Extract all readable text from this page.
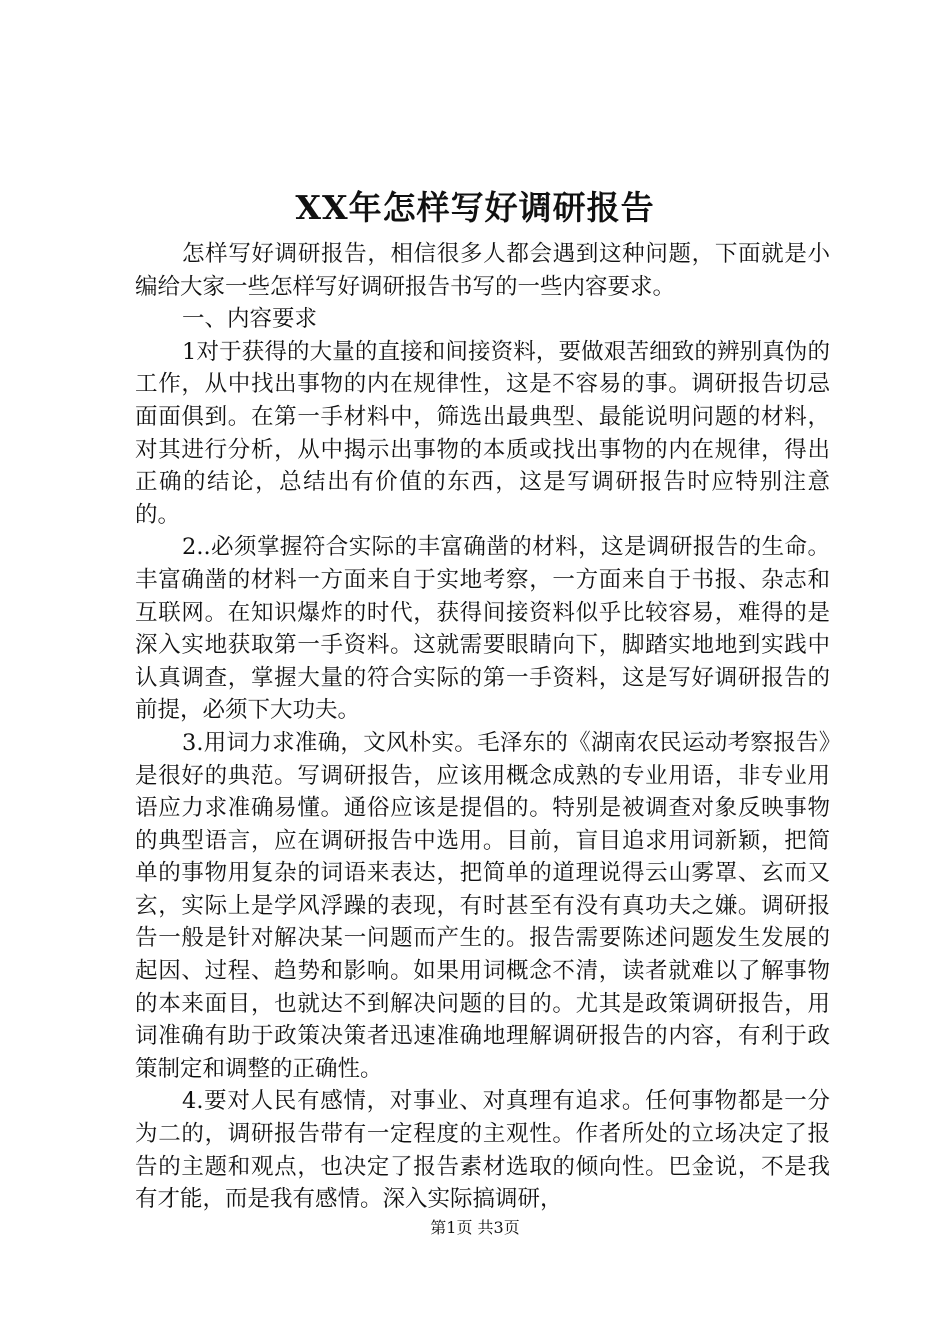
XX年怎样写好调研报告

怎样写好调研报告，相信很多人都会遇到这种问题，下面就是小编给大家一些怎样写好调研报告书写的一些内容要求。

一、内容要求

1对于获得的大量的直接和间接资料，要做艰苦细致的辨别真伪的工作，从中找出事物的内在规律性，这是不容易的事。调研报告切忌面面俱到。在第一手材料中，筛选出最典型、最能说明问题的材料，对其进行分析，从中揭示出事物的本质或找出事物的内在规律，得出正确的结论，总结出有价值的东西，这是写调研报告时应特别注意的。

2..必须掌握符合实际的丰富确凿的材料，这是调研报告的生命。丰富确凿的材料一方面来自于实地考察，一方面来自于书报、杂志和互联网。在知识爆炸的时代，获得间接资料似乎比较容易，难得的是深入实地获取第一手资料。这就需要眼睛向下，脚踏实地地到实践中认真调查，掌握大量的符合实际的第一手资料，这是写好调研报告的前提，必须下大功夫。

3.用词力求准确，文风朴实。毛泽东的《湖南农民运动考察报告》是很好的典范。写调研报告，应该用概念成熟的专业用语，非专业用语应力求准确易懂。通俗应该是提倡的。特别是被调查对象反映事物的典型语言，应在调研报告中选用。目前，盲目追求用词新颖，把简单的事物用复杂的词语来表达，把简单的道理说得云山雾罩、玄而又玄，实际上是学风浮躁的表现，有时甚至有没有真功夫之嫌。调研报告一般是针对解决某一问题而产生的。报告需要陈述问题发生发展的起因、过程、趋势和影响。如果用词概念不清，读者就难以了解事物的本来面目，也就达不到解决问题的目的。尤其是政策调研报告，用词准确有助于政策决策者迅速准确地理解调研报告的内容，有利于政策制定和调整的正确性。

4.要对人民有感情，对事业、对真理有追求。任何事物都是一分为二的，调研报告带有一定程度的主观性。作者所处的立场决定了报告的主题和观点，也决定了报告素材选取的倾向性。巴金说，不是我有才能，而是我有感情。深入实际搞调研，

第1页 共3页
